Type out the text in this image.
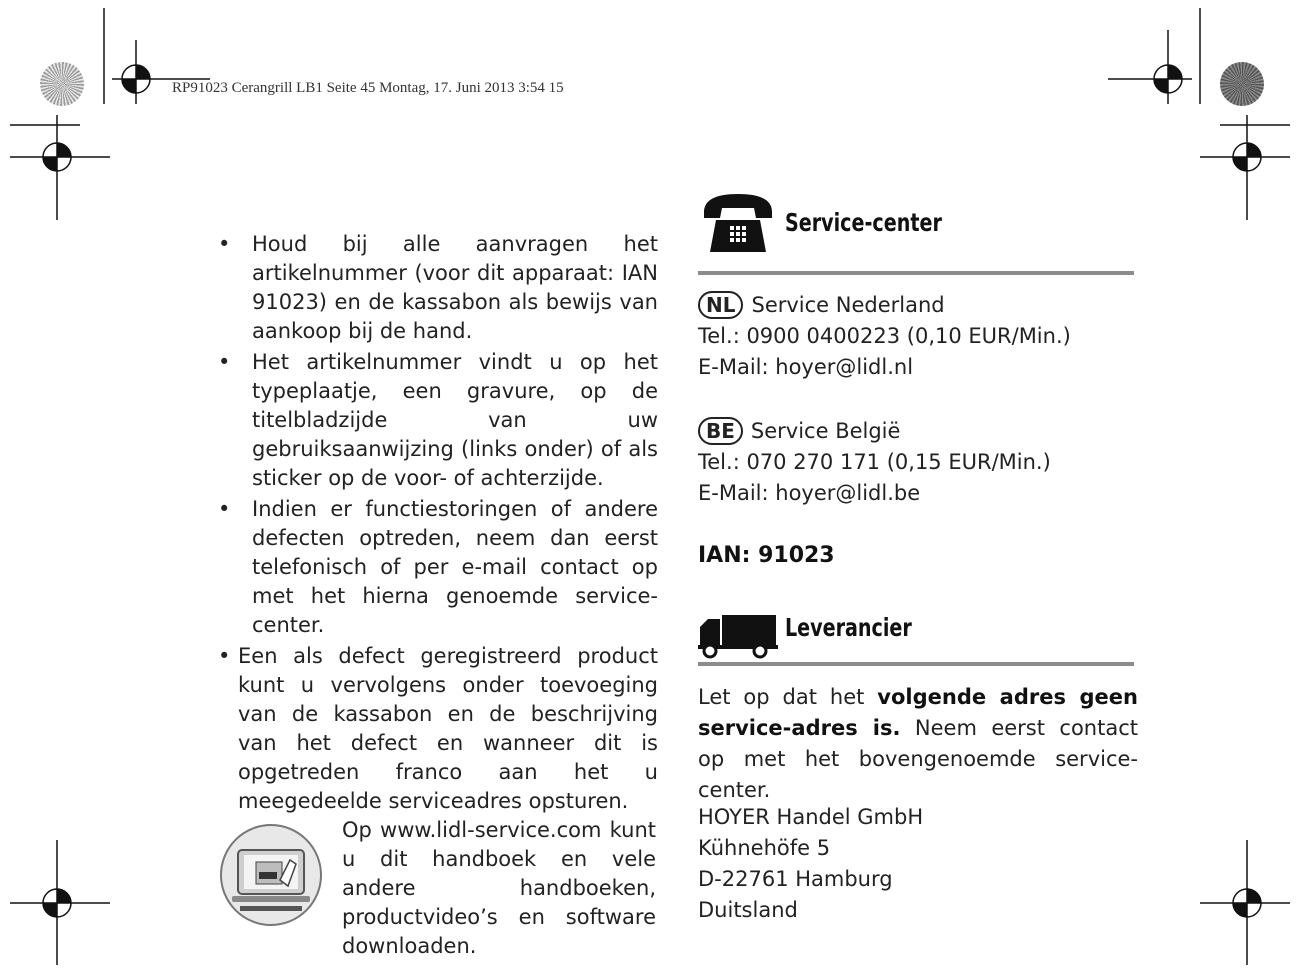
RP91023 Cerangrill LB1 Seite 45 Montag, 17. Juni 2013 3:54 15
• Houd bij alle aanvragen het artikelnummer (voor dit apparaat: IAN 91023) en de kassabon als bewijs van aankoop bij de hand.
• Het artikelnummer vindt u op het typeplaatje, een gravure, op de titelbladzijde van uw gebruiksaanwijzing (links onder) of als sticker op de voor- of achterzijde.
• Indien er functiestoringen of andere defecten optreden, neem dan eerst telefonisch of per e-mail contact op met het hierna genoemde service-center.
• Een als defect geregistreerd product kunt u vervolgens onder toevoeging van de kassabon en de beschrijving van het defect en wanneer dit is opgetreden franco aan het u meegedeelde serviceadres opsturen.
Op www.lidl-service.com kunt u dit handboek en vele andere handboeken, productvideo’s en software downloaden.
Service-center
NL Service Nederland
Tel.: 0900 0400223 (0,10 EUR/Min.)
E-Mail: hoyer@lidl.nl
BE Service België
Tel.: 070 270 171 (0,15 EUR/Min.)
E-Mail: hoyer@lidl.be
IAN: 91023
Leverancier
Let op dat het volgende adres geen service-adres is. Neem eerst contact op met het bovengenoemde service-center.
HOYER Handel GmbH
Kühnehöfe 5
D-22761 Hamburg
Duitsland
